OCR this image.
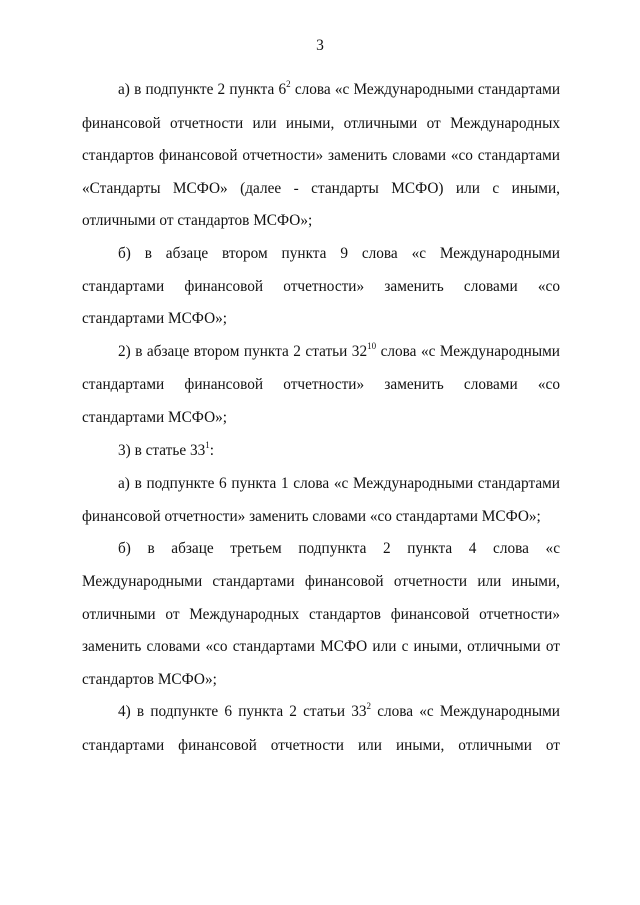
3

а) в подпункте 2 пункта $6^2$ слова «с Международными стандартами финансовой отчетности или иными, отличными от Международных стандартов финансовой отчетности» заменить словами «со стандартами «Стандарты МСФО» (далее - стандарты МСФО) или с иными, отличными от стандартов МСФО»;

б) в абзаце втором пункта 9 слова «с Международными стандартами финансовой отчетности» заменить словами «со стандартами МСФО»;

2) в абзаце втором пункта 2 статьи $32^{10}$ слова «с Международными стандартами финансовой отчетности» заменить словами «со стандартами МСФО»;

3) в статье $33^1$:

а) в подпункте 6 пункта 1 слова «с Международными стандартами финансовой отчетности» заменить словами «со стандартами МСФО»;

б) в абзаце третьем подпункта 2 пункта 4 слова «с Международными стандартами финансовой отчетности или иными, отличными от Международных стандартов финансовой отчетности» заменить словами «со стандартами МСФО или с иными, отличными от стандартов МСФО»;

4) в подпункте 6 пункта 2 статьи $33^2$ слова «с Международными стандартами финансовой отчетности или иными, отличными от
